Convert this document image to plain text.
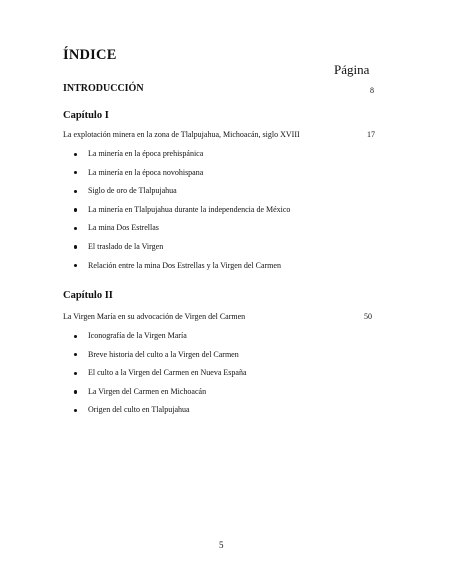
ÍNDICE
Página
INTRODUCCIÓN	8
Capítulo I
La explotación minera en la zona de Tlalpujahua, Michoacán, siglo XVIII	17
La minería en la época prehispánica
La minería en la época novohispana
Siglo de oro de Tlalpujahua
La minería en Tlalpujahua durante la independencia de México
La mina Dos Estrellas
El traslado de la Virgen
Relación entre la mina Dos Estrellas y la Virgen del Carmen
Capítulo II
La Virgen María en su advocación de Virgen del Carmen	50
Iconografía de la Virgen María
Breve historia del culto a la Virgen del Carmen
El culto a la Virgen del Carmen en Nueva España
La Virgen del Carmen en Michoacán
Origen del culto en Tlalpujahua
5
